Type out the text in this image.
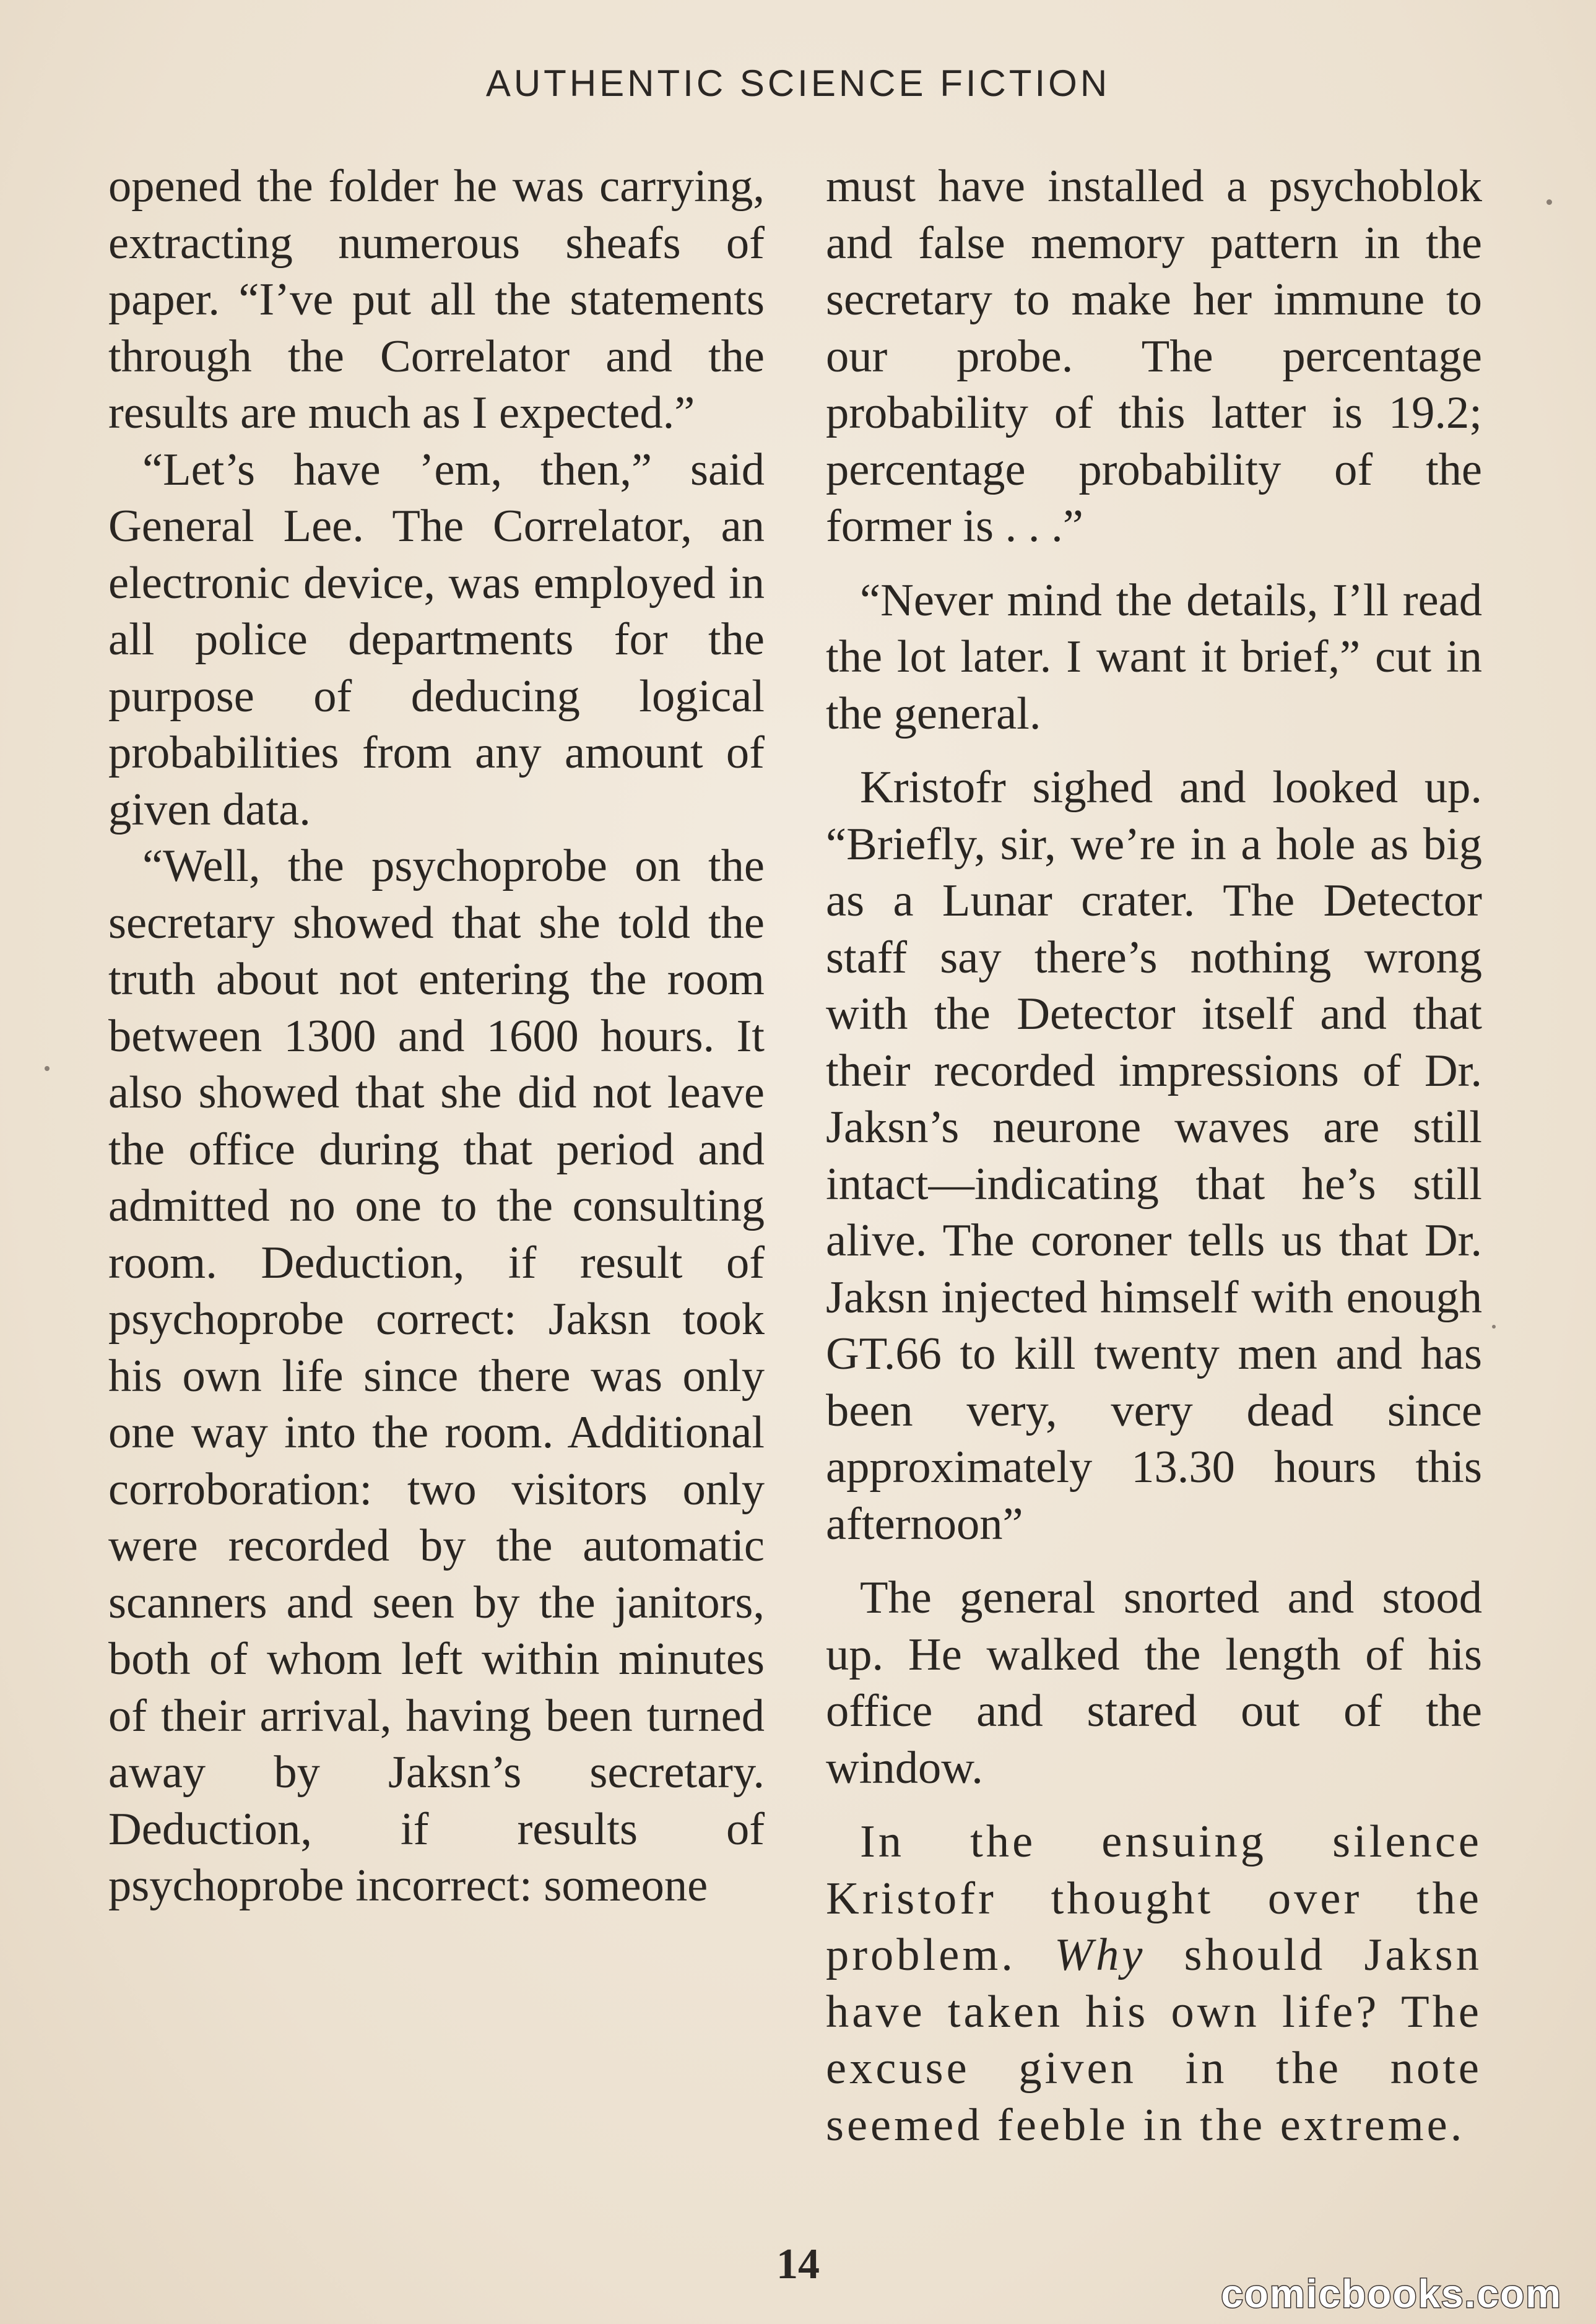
AUTHENTIC SCIENCE FICTION

opened the folder he was carrying, extracting numerous sheafs of paper. “I’ve put all the statements through the Correlator and the results are much as I expected.”

“Let’s have ’em, then,” said General Lee. The Correlator, an electronic device, was employed in all police departments for the purpose of deducing logical probabilities from any amount of given data.

“Well, the psychoprobe on the secretary showed that she told the truth about not entering the room between 1300 and 1600 hours. It also showed that she did not leave the office during that period and admitted no one to the consulting room. Deduction, if result of psychoprobe correct: Jaksn took his own life since there was only one way into the room. Additional corroboration: two visitors only were recorded by the automatic scanners and seen by the janitors, both of whom left within minutes of their arrival, having been turned away by Jaksn’s secretary. Deduction, if results of psychoprobe incorrect: someone

must have installed a psychoblok and false memory pattern in the secretary to make her immune to our probe. The percentage probability of this latter is 19.2; percentage probability of the former is . . .”

“Never mind the details, I’ll read the lot later. I want it brief,” cut in the general.

Kristofr sighed and looked up. “Briefly, sir, we’re in a hole as big as a Lunar crater. The Detector staff say there’s nothing wrong with the Detector itself and that their recorded impressions of Dr. Jaksn’s neurone waves are still intact—indicating that he’s still alive. The coroner tells us that Dr. Jaksn injected himself with enough GT.66 to kill twenty men and has been very, very dead since approximately 13.30 hours this afternoon”

The general snorted and stood up. He walked the length of his office and stared out of the window.

In the ensuing silence Kristofr thought over the problem. Why should Jaksn have taken his own life? The excuse given in the note seemed feeble in the extreme.

14
comicbooks.com
